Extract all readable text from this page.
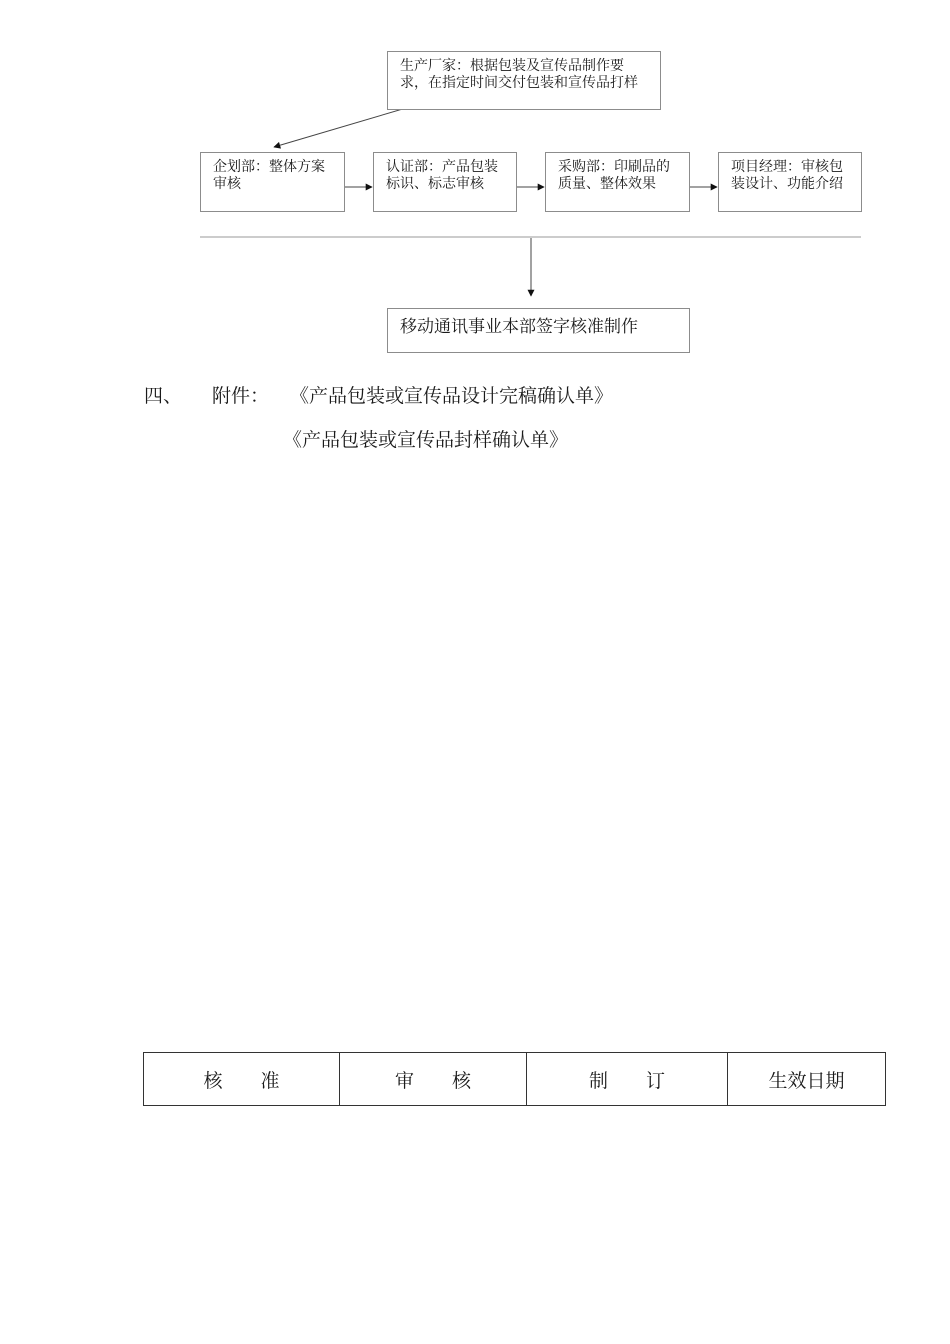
生产厂家：根据包装及宣传品制作要求，在指定时间交付包装和宣传品打样
企划部：整体方案审核
认证部：产品包装标识、标志审核
采购部：印刷品的质量、整体效果
项目经理：审核包装设计、功能介绍
移动通讯事业本部签字核准制作
四、 附件： 《产品包装或宣传品设计完稿确认单》
《产品包装或宣传品封样确认单》
核　　准	审　　核	制　　订	生效日期
